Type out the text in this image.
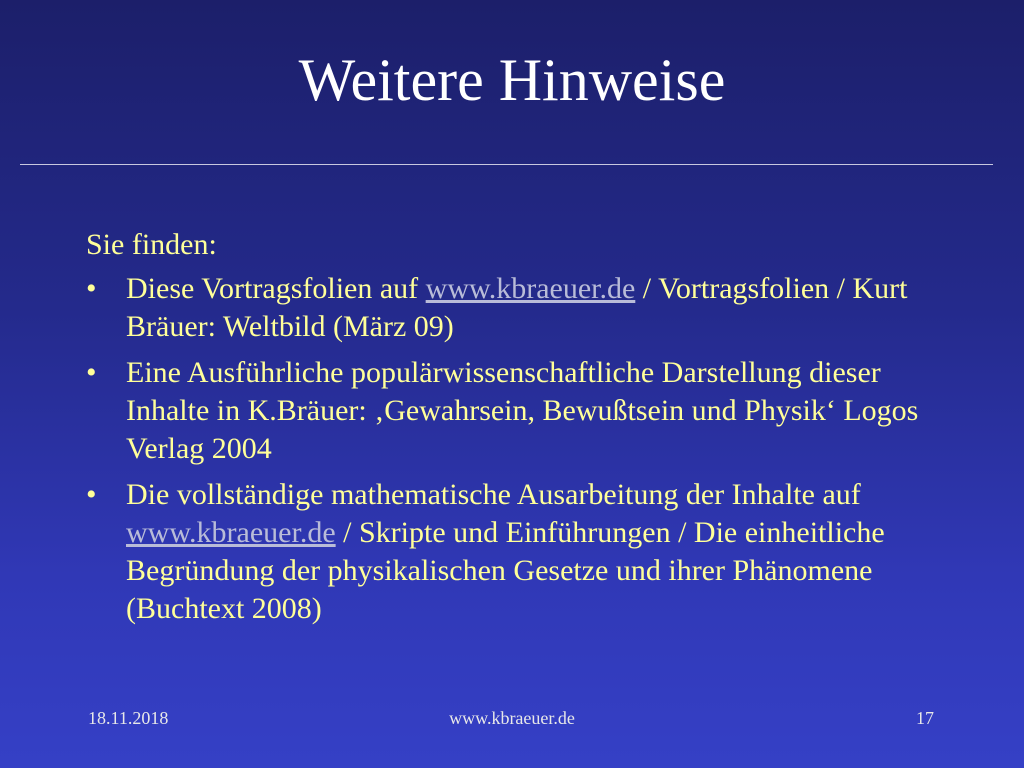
Weitere Hinweise

Sie finden:

• Diese Vortragsfolien auf www.kbraeuer.de / Vortragsfolien / Kurt Bräuer: Weltbild (März 09)
• Eine Ausführliche populärwissenschaftliche Darstellung dieser Inhalte in K.Bräuer: ‚Gewahrsein, Bewußtsein und Physik‘ Logos Verlag 2004
• Die vollständige mathematische Ausarbeitung der Inhalte auf www.kbraeuer.de / Skripte und Einführungen / Die einheitliche Begründung der physikalischen Gesetze und ihrer Phänomene (Buchtext 2008)
18.11.2018	www.kbraeuer.de	17
